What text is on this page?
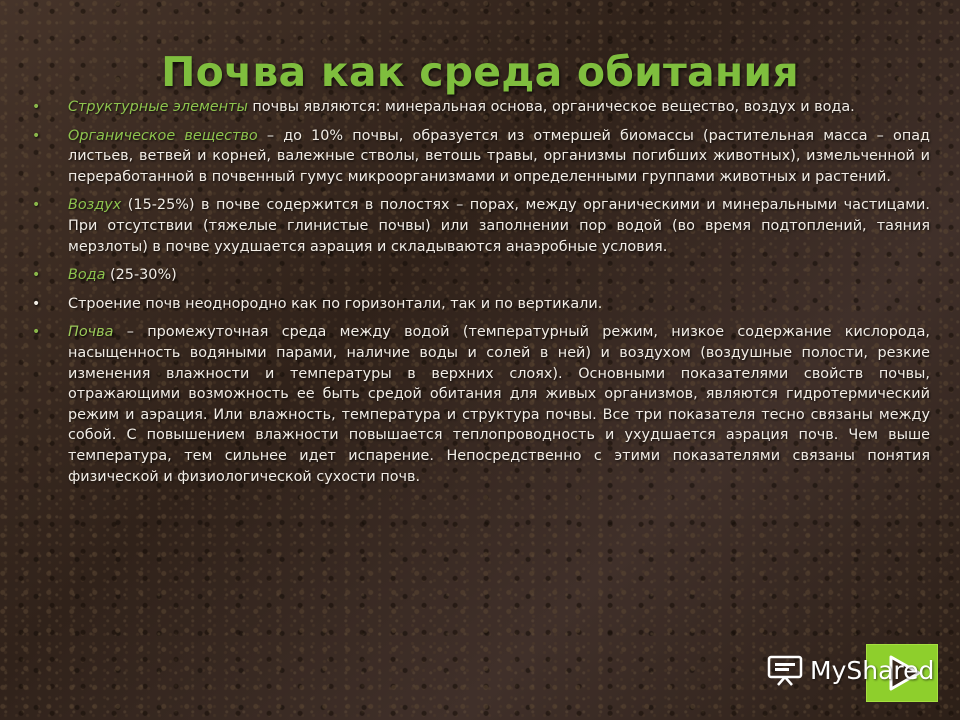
Почва как среда обитания
• Структурные элементы почвы являются: минеральная основа, органическое вещество, воздух и вода.
• Органическое вещество – до 10% почвы, образуется из отмершей биомассы (растительная масса – опад листьев, ветвей и корней, валежные стволы, ветошь травы, организмы погибших животных), измельченной и переработанной в почвенный гумус микроорганизмами и определенными группами животных и растений.
• Воздух (15-25%) в почве содержится в полостях – порах, между органическими и минеральными частицами. При отсутствии (тяжелые глинистые почвы) или заполнении пор водой (во время подтоплений, таяния мерзлоты) в почве ухудшается аэрация и складываются анаэробные условия.
• Вода (25-30%)
• Строение почв неоднородно как по горизонтали, так и по вертикали.
• Почва – промежуточная среда между водой (температурный режим, низкое содержание кислорода, насыщенность водяными парами, наличие воды и солей в ней) и воздухом (воздушные полости, резкие изменения влажности и температуры в верхних слоях). Основными показателями свойств почвы, отражающими возможность ее быть средой обитания для живых организмов, являются гидротермический режим и аэрация. Или влажность, температура и структура почвы. Все три показателя тесно связаны между собой. С повышением влажности повышается теплопроводность и ухудшается аэрация почв. Чем выше температура, тем сильнее идет испарение. Непосредственно с этими показателями связаны понятия физической и физиологической сухости почв.
MyShared
